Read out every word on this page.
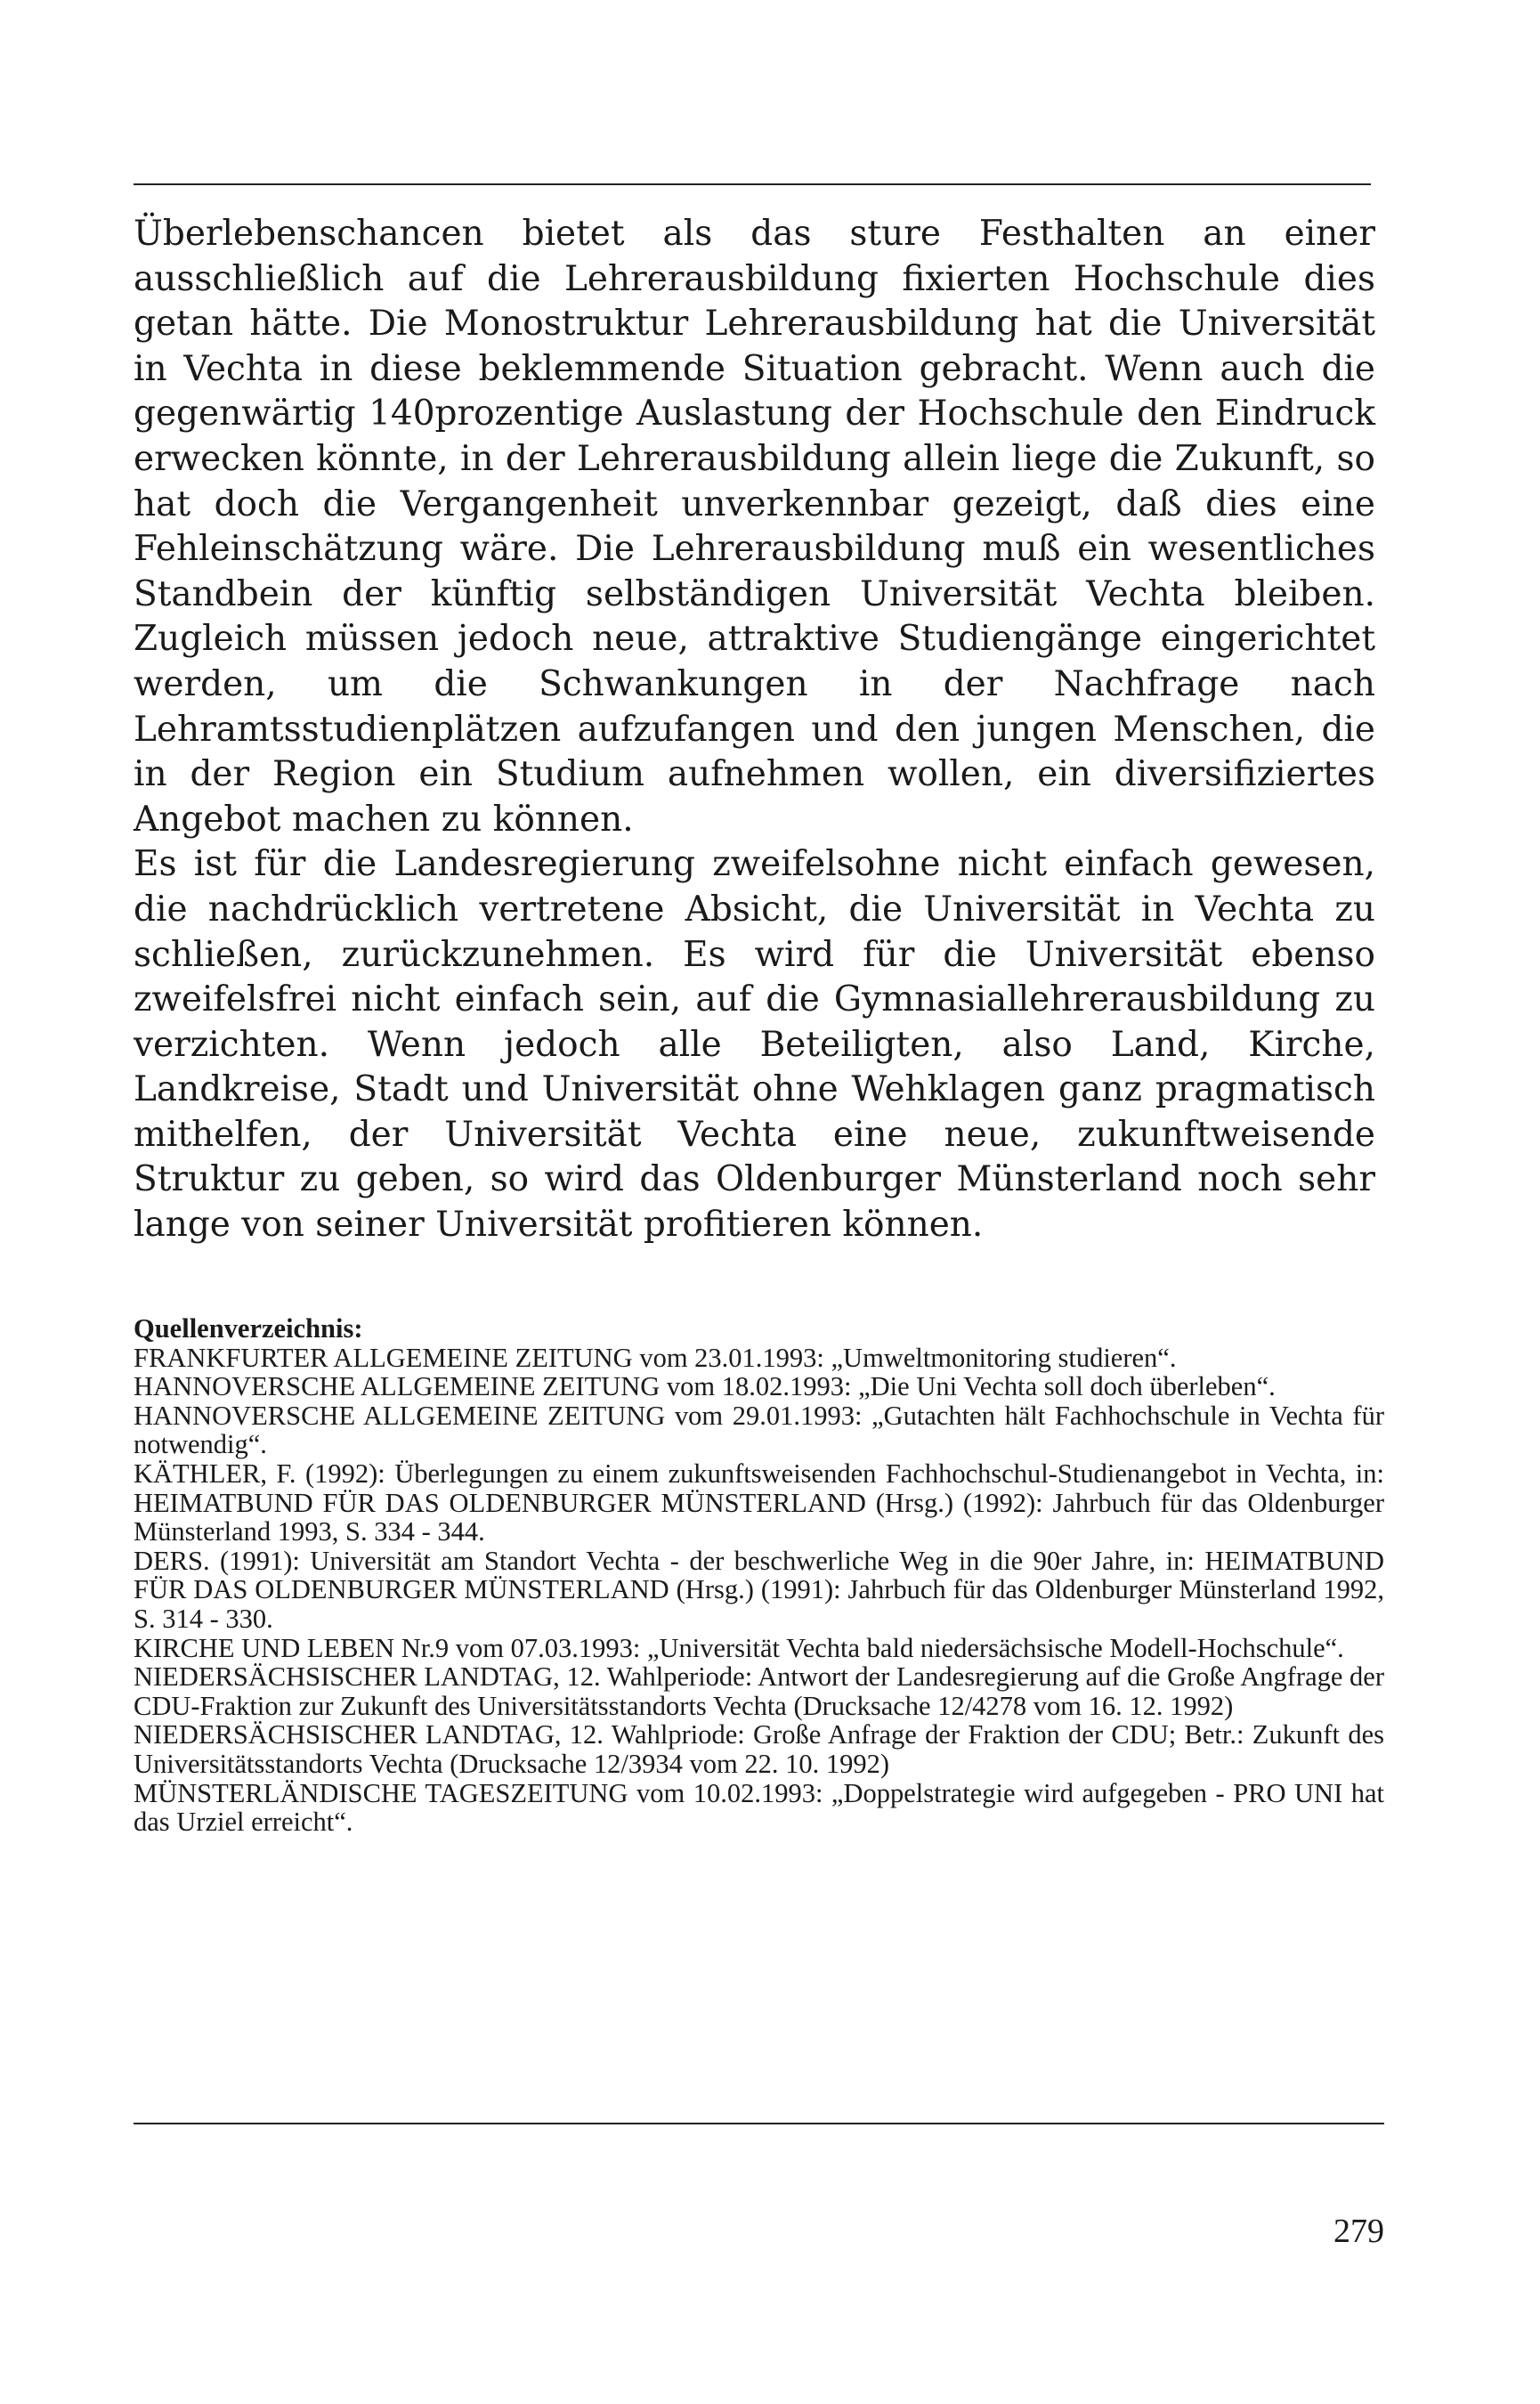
Überlebenschancen bietet als das sture Festhalten an einer ausschließlich auf die Lehrerausbildung fixierten Hochschule dies getan hätte. Die Monostruktur Lehrerausbildung hat die Universität in Vechta in diese beklemmende Situation gebracht. Wenn auch die gegenwärtig 140prozentige Auslastung der Hochschule den Eindruck erwecken könnte, in der Lehrerausbildung allein liege die Zukunft, so hat doch die Vergangenheit unverkennbar gezeigt, daß dies eine Fehleinschätzung wäre. Die Lehrerausbildung muß ein wesentliches Standbein der künftig selbständigen Universität Vechta bleiben. Zugleich müssen jedoch neue, attraktive Studiengänge eingerichtet werden, um die Schwankungen in der Nachfrage nach Lehramtsstudienplätzen aufzufangen und den jungen Menschen, die in der Region ein Studium aufnehmen wollen, ein diversifiziertes Angebot machen zu können.

Es ist für die Landesregierung zweifelsohne nicht einfach gewesen, die nachdrücklich vertretene Absicht, die Universität in Vechta zu schließen, zurückzunehmen. Es wird für die Universität ebenso zweifelsfrei nicht einfach sein, auf die Gymnasiallehrerausbildung zu verzichten. Wenn jedoch alle Beteiligten, also Land, Kirche, Landkreise, Stadt und Universität ohne Wehklagen ganz pragmatisch mithelfen, der Universität Vechta eine neue, zukunftweisende Struktur zu geben, so wird das Oldenburger Münsterland noch sehr lange von seiner Universität profitieren können.

Quellenverzeichnis:

FRANKFURTER ALLGEMEINE ZEITUNG vom 23.01.1993: „Umweltmonitoring studieren“.
HANNOVERSCHE ALLGEMEINE ZEITUNG vom 18.02.1993: „Die Uni Vechta soll doch überleben“.
HANNOVERSCHE ALLGEMEINE ZEITUNG vom 29.01.1993: „Gutachten hält Fachhochschule in Vechta für notwendig“.
KÄTHLER, F. (1992): Überlegungen zu einem zukunftsweisenden Fachhochschul-Studienangebot in Vechta, in: HEIMATBUND FÜR DAS OLDENBURGER MÜNSTERLAND (Hrsg.) (1992): Jahrbuch für das Oldenburger Münsterland 1993, S. 334 - 344.
DERS. (1991): Universität am Standort Vechta - der beschwerliche Weg in die 90er Jahre, in: HEIMATBUND FÜR DAS OLDENBURGER MÜNSTERLAND (Hrsg.) (1991): Jahrbuch für das Oldenburger Münsterland 1992, S. 314 - 330.
KIRCHE UND LEBEN Nr.9 vom 07.03.1993: „Universität Vechta bald niedersächsische Modell-Hochschule“.
NIEDERSÄCHSISCHER LANDTAG, 12. Wahlperiode: Antwort der Landesregierung auf die Große Angfrage der CDU-Fraktion zur Zukunft des Universitätsstandorts Vechta (Drucksache 12/4278 vom 16. 12. 1992)
NIEDERSÄCHSISCHER LANDTAG, 12. Wahlpriode: Große Anfrage der Fraktion der CDU; Betr.: Zukunft des Universitätsstandorts Vechta (Drucksache 12/3934 vom 22. 10. 1992)
MÜNSTERLÄNDISCHE TAGESZEITUNG vom 10.02.1993: „Doppelstrategie wird aufgegeben - PRO UNI hat das Urziel erreicht“.
279
